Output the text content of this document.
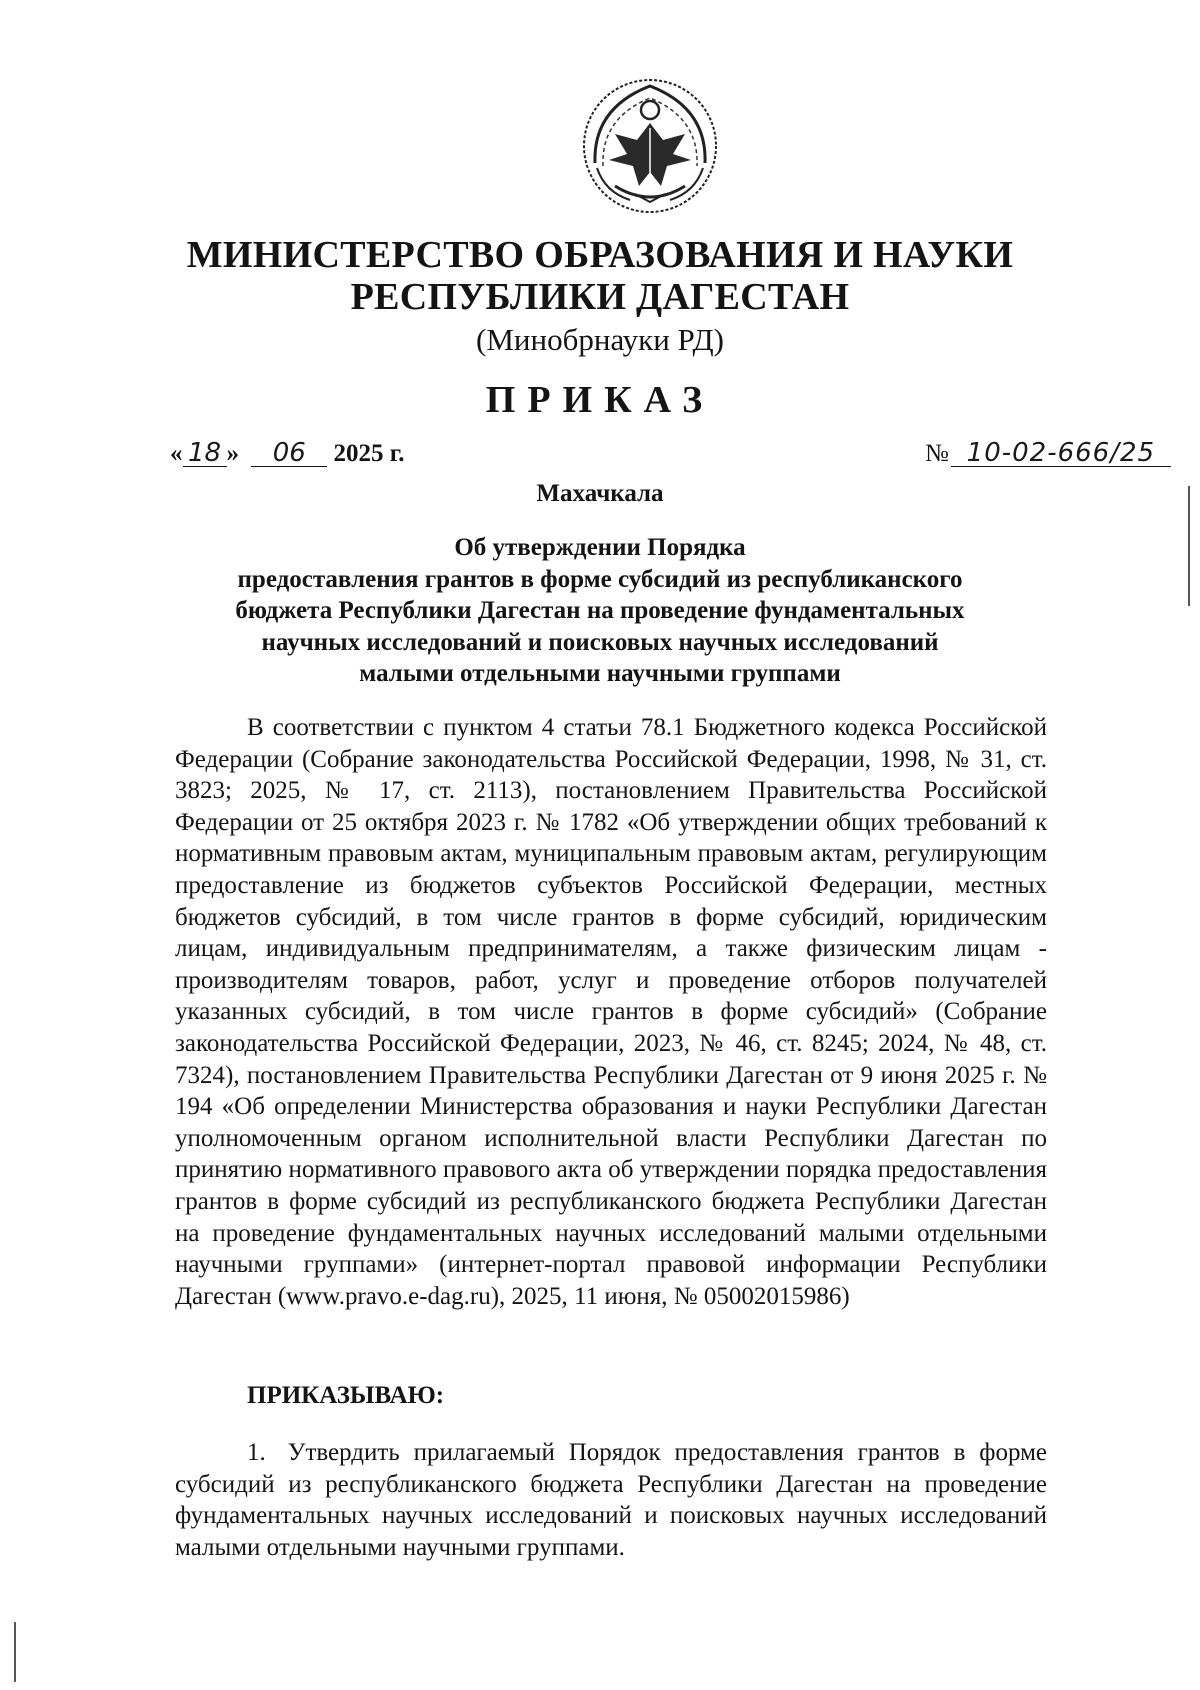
МИНИСТЕРСТВО ОБРАЗОВАНИЯ И НАУКИ
РЕСПУБЛИКИ ДАГЕСТАН
(Минобрнауки РД)
ПРИКАЗ
« 18 » 06 2025 г.	№ 10-02-666/25
Махачкала
Об утверждении Порядка
предоставления грантов в форме субсидий из республиканского
бюджета Республики Дагестан на проведение фундаментальных
научных исследований и поисковых научных исследований
малыми отдельными научными группами
В соответствии с пунктом 4 статьи 78.1 Бюджетного кодекса Российской Федерации (Собрание законодательства Российской Федерации, 1998, № 31, ст. 3823; 2025, № 17, ст. 2113), постановлением Правительства Российской Федерации от 25 октября 2023 г. № 1782 «Об утверждении общих требований к нормативным правовым актам, муниципальным правовым актам, регулирующим предоставление из бюджетов субъектов Российской Федерации, местных бюджетов субсидий, в том числе грантов в форме субсидий, юридическим лицам, индивидуальным предпринимателям, а также физическим лицам - производителям товаров, работ, услуг и проведение отборов получателей указанных субсидий, в том числе грантов в форме субсидий» (Собрание законодательства Российской Федерации, 2023, № 46, ст. 8245; 2024, № 48, ст. 7324), постановлением Правительства Республики Дагестан от 9 июня 2025 г. № 194 «Об определении Министерства образования и науки Республики Дагестан уполномоченным органом исполнительной власти Республики Дагестан по принятию нормативного правового акта об утверждении порядка предоставления грантов в форме субсидий из республиканского бюджета Республики Дагестан на проведение фундаментальных научных исследований малыми отдельными научными группами» (интернет-портал правовой информации Республики Дагестан (www.pravo.e-dag.ru), 2025, 11 июня, № 05002015986)
ПРИКАЗЫВАЮ:
1. Утвердить прилагаемый Порядок предоставления грантов в форме субсидий из республиканского бюджета Республики Дагестан на проведение фундаментальных научных исследований и поисковых научных исследований малыми отдельными научными группами.
